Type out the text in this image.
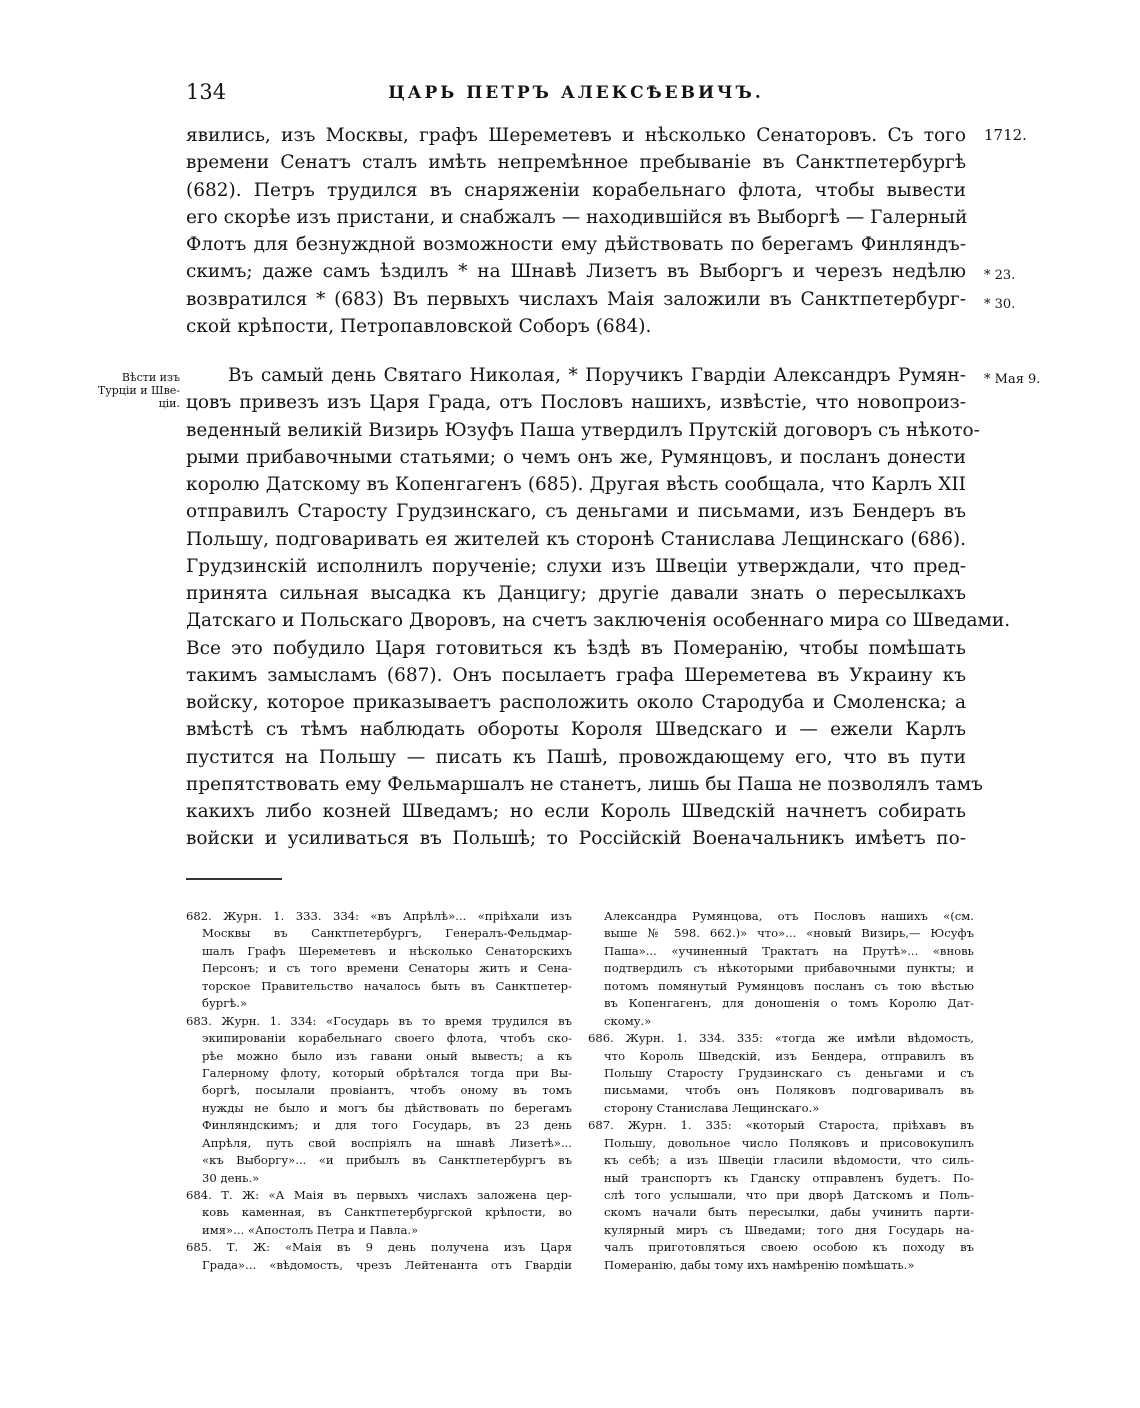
134	ЦАРЬ ПЕТРЪ АЛЕКСѢЕВИЧЪ.
1712.
* 23.
* 30.
* Мая 9.
Вѣсти изъ Турціи и Шве-ціи.
явились, изъ Москвы, графъ Шереметевъ и нѣсколько Сенаторовъ. Съ того
времени Сенатъ сталъ имѣть непремѣнное пребываніе въ Санктпетербургѣ
(682). Петръ трудился въ снаряженіи корабельнаго флота, чтобы вывести
его скорѣе изъ пристани, и снабжалъ — находившійся въ Выборгѣ — Галерный
Флотъ для безнуждной возможности ему дѣйствовать по берегамъ Финляндъ-
скимъ; даже самъ ѣздилъ * на Шнавѣ Лизетъ въ Выборгъ и черезъ недѣлю
возвратился * (683) Въ первыхъ числахъ Маія заложили въ Санктпетербург-
ской крѣпости, Петропавловской Соборъ (684).
Въ самый день Святаго Николая, * Поручикъ Гвардіи Александръ Румян-
цовъ привезъ изъ Царя Града, отъ Пословъ нашихъ, извѣстіе, что новопроиз-
веденный великій Визирь Юзуфъ Паша утвердилъ Прутскій договоръ съ нѣкото-
рыми прибавочными статьями; о чемъ онъ же, Румянцовъ, и посланъ донести
королю Датскому въ Копенгагенъ (685). Другая вѣсть сообщала, что Карлъ XII
отправилъ Старосту Грудзинскаго, съ деньгами и письмами, изъ Бендеръ въ
Польшу, подговаривать ея жителей къ сторонѣ Станислава Лещинскаго (686).
Грудзинскій исполнилъ порученіе; слухи изъ Швеціи утверждали, что пред-
принята сильная высадка къ Данцигу; другіе давали знать о пересылкахъ
Датскаго и Польскаго Дворовъ, на счетъ заключенія особеннаго мира со Шведами.
Все это побудило Царя готовиться къ ѣздѣ въ Померанію, чтобы помѣшать
такимъ замысламъ (687). Онъ посылаетъ графа Шереметева въ Украину къ
войску, которое приказываетъ расположить около Стародуба и Смоленска; а
вмѣстѣ съ тѣмъ наблюдать обороты Короля Шведскаго и — ежели Карлъ
пустится на Польшу — писать къ Пашѣ, провождающему его, что въ пути
препятствовать ему Фельмаршалъ не станетъ, лишь бы Паша не позволялъ тамъ
какихъ либо козней Шведамъ; но если Король Шведскій начнетъ собирать
войски и усиливаться въ Польшѣ; то Россійскій Военачальникъ имѣетъ по-
682. Журн. 1. 333. 334: «въ Апрѣлѣ»... «пріѣхали изъ
Москвы въ Санктпетербургъ, Генералъ-Фельдмар-
шалъ Графъ Шереметевъ и нѣсколько Сенаторскихъ
Персонъ; и съ того времени Сенаторы жить и Сена-
торское Правительство началось быть въ Санктпетер-
бургѣ.»
683. Журн. 1. 334: «Государь въ то время трудился въ
экипированіи корабельнаго своего флота, чтобъ ско-
рѣе можно было изъ гавани оный вывесть; а къ
Галерному флоту, который обрѣтался тогда при Вы-
боргѣ, посылали провіантъ, чтобъ оному въ томъ
нужды не было и могъ бы дѣйствовать по берегамъ
Финляндскимъ; и для того Государь, въ 23 день
Апрѣля, путь свой воспріялъ на шнавѣ Лизетѣ»...
«къ Выборгу»... «и прибылъ въ Санктпетербургъ въ
30 день.»
684. Т. Ж: «А Маія въ первыхъ числахъ заложена цер-
ковь каменная, въ Санктпетербургской крѣпости, во
имя»... «Апостолъ Петра и Павла.»
685. Т. Ж: «Маія въ 9 день получена изъ Царя
Града»... «вѣдомость, чрезъ Лейтенанта отъ Гвардіи
Александра Румянцова, отъ Пословъ нашихъ «(см.
выше № 598. 662.)» что»... «новый Визирь,— Юсуфъ
Паша»... «учиненный Трактатъ на Прутѣ»... «вновь
подтвердилъ съ нѣкоторыми прибавочными пункты; и
потомъ помянутый Румянцовъ посланъ съ тою вѣстью
въ Копенгагенъ, для доношенія о томъ Королю Дат-
скому.»
686. Журн. 1. 334. 335: «тогда же имѣли вѣдомость,
что Король Шведскій, изъ Бендера, отправилъ въ
Польшу Старосту Грудзинскаго съ деньгами и съ
письмами, чтобъ онъ Поляковъ подговаривалъ въ
сторону Станислава Лещинскаго.»
687. Журн. 1. 335: «который Староста, пріѣхавъ въ
Польшу, довольное число Поляковъ и присовокупилъ
къ себѣ; а изъ Швеціи гласили вѣдомости, что силь-
ный транспортъ къ Гданску отправленъ будетъ. По-
слѣ того услышали, что при дворѣ Датскомъ и Поль-
скомъ начали быть пересылки, дабы учинить парти-
кулярный миръ съ Шведами; того дня Государь на-
чалъ приготовляться своею особою къ походу въ
Померанію, дабы тому ихъ намѣренію помѣшать.»
